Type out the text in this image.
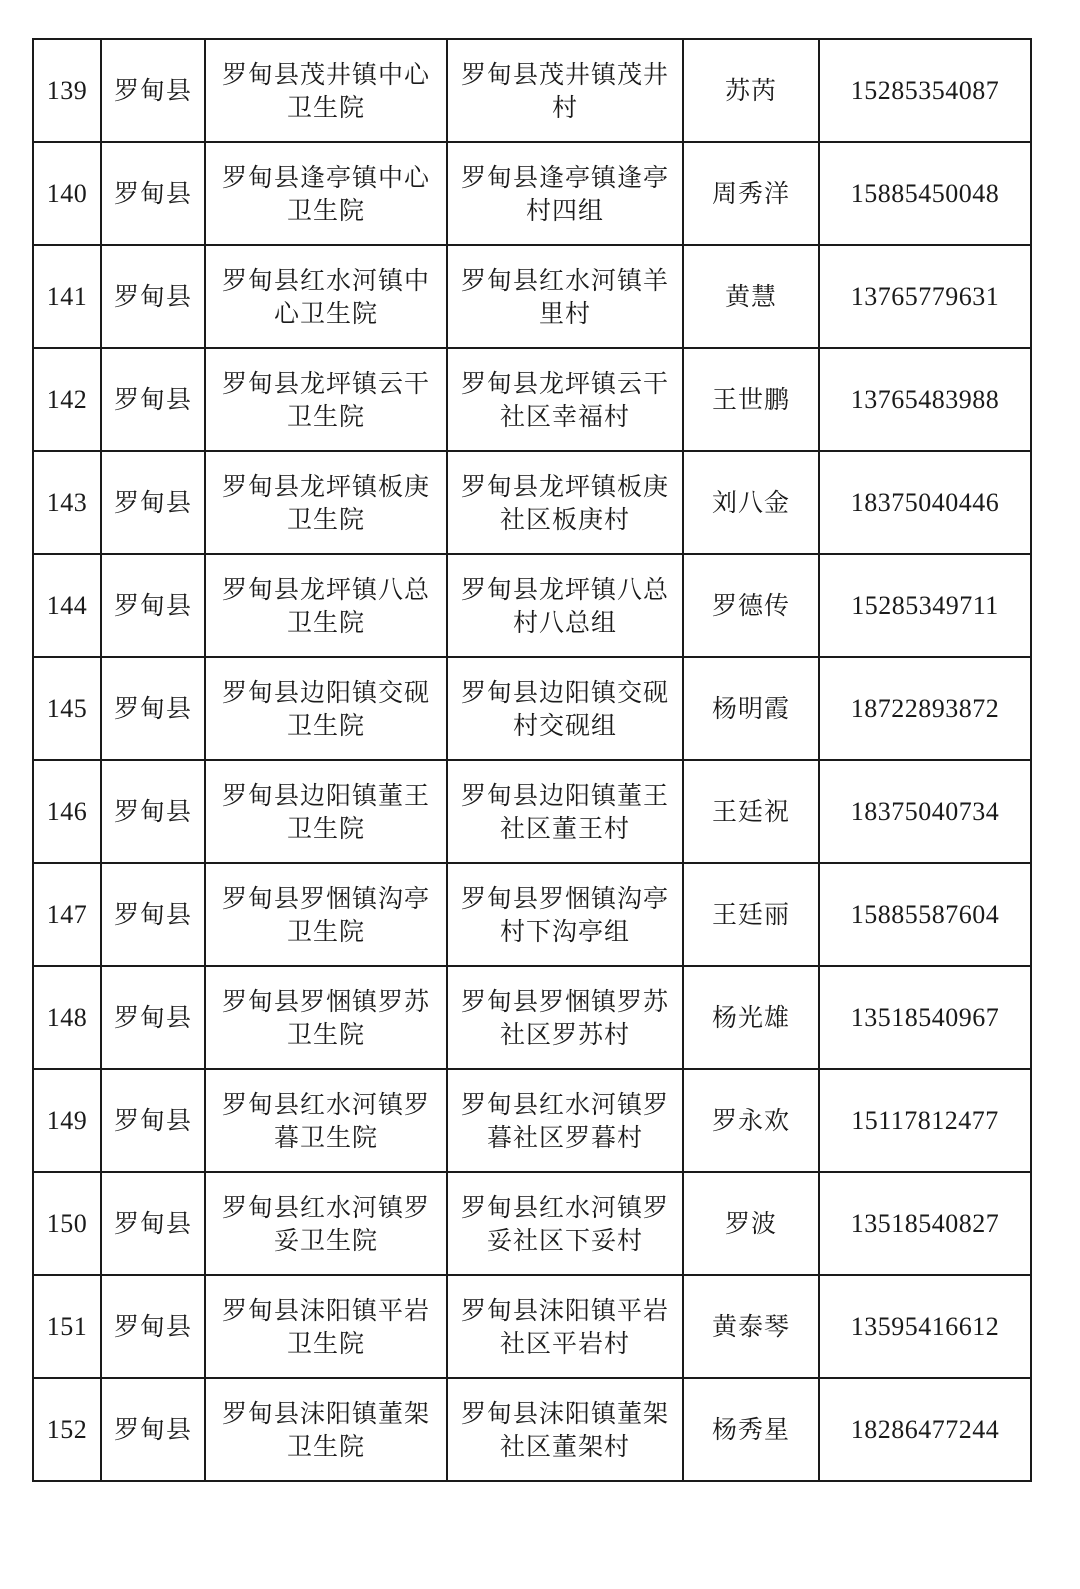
139	罗甸县	罗甸县茂井镇中心卫生院	罗甸县茂井镇茂井村	苏芮	15285354087
140	罗甸县	罗甸县逢亭镇中心卫生院	罗甸县逢亭镇逢亭村四组	周秀洋	15885450048
141	罗甸县	罗甸县红水河镇中心卫生院	罗甸县红水河镇羊里村	黄慧	13765779631
142	罗甸县	罗甸县龙坪镇云干卫生院	罗甸县龙坪镇云干社区幸福村	王世鹏	13765483988
143	罗甸县	罗甸县龙坪镇板庚卫生院	罗甸县龙坪镇板庚社区板庚村	刘八金	18375040446
144	罗甸县	罗甸县龙坪镇八总卫生院	罗甸县龙坪镇八总村八总组	罗德传	15285349711
145	罗甸县	罗甸县边阳镇交砚卫生院	罗甸县边阳镇交砚村交砚组	杨明霞	18722893872
146	罗甸县	罗甸县边阳镇董王卫生院	罗甸县边阳镇董王社区董王村	王廷祝	18375040734
147	罗甸县	罗甸县罗悃镇沟亭卫生院	罗甸县罗悃镇沟亭村下沟亭组	王廷丽	15885587604
148	罗甸县	罗甸县罗悃镇罗苏卫生院	罗甸县罗悃镇罗苏社区罗苏村	杨光雄	13518540967
149	罗甸县	罗甸县红水河镇罗暮卫生院	罗甸县红水河镇罗暮社区罗暮村	罗永欢	15117812477
150	罗甸县	罗甸县红水河镇罗妥卫生院	罗甸县红水河镇罗妥社区下妥村	罗波	13518540827
151	罗甸县	罗甸县沫阳镇平岩卫生院	罗甸县沫阳镇平岩社区平岩村	黄泰琴	13595416612
152	罗甸县	罗甸县沫阳镇董架卫生院	罗甸县沫阳镇董架社区董架村	杨秀星	18286477244
